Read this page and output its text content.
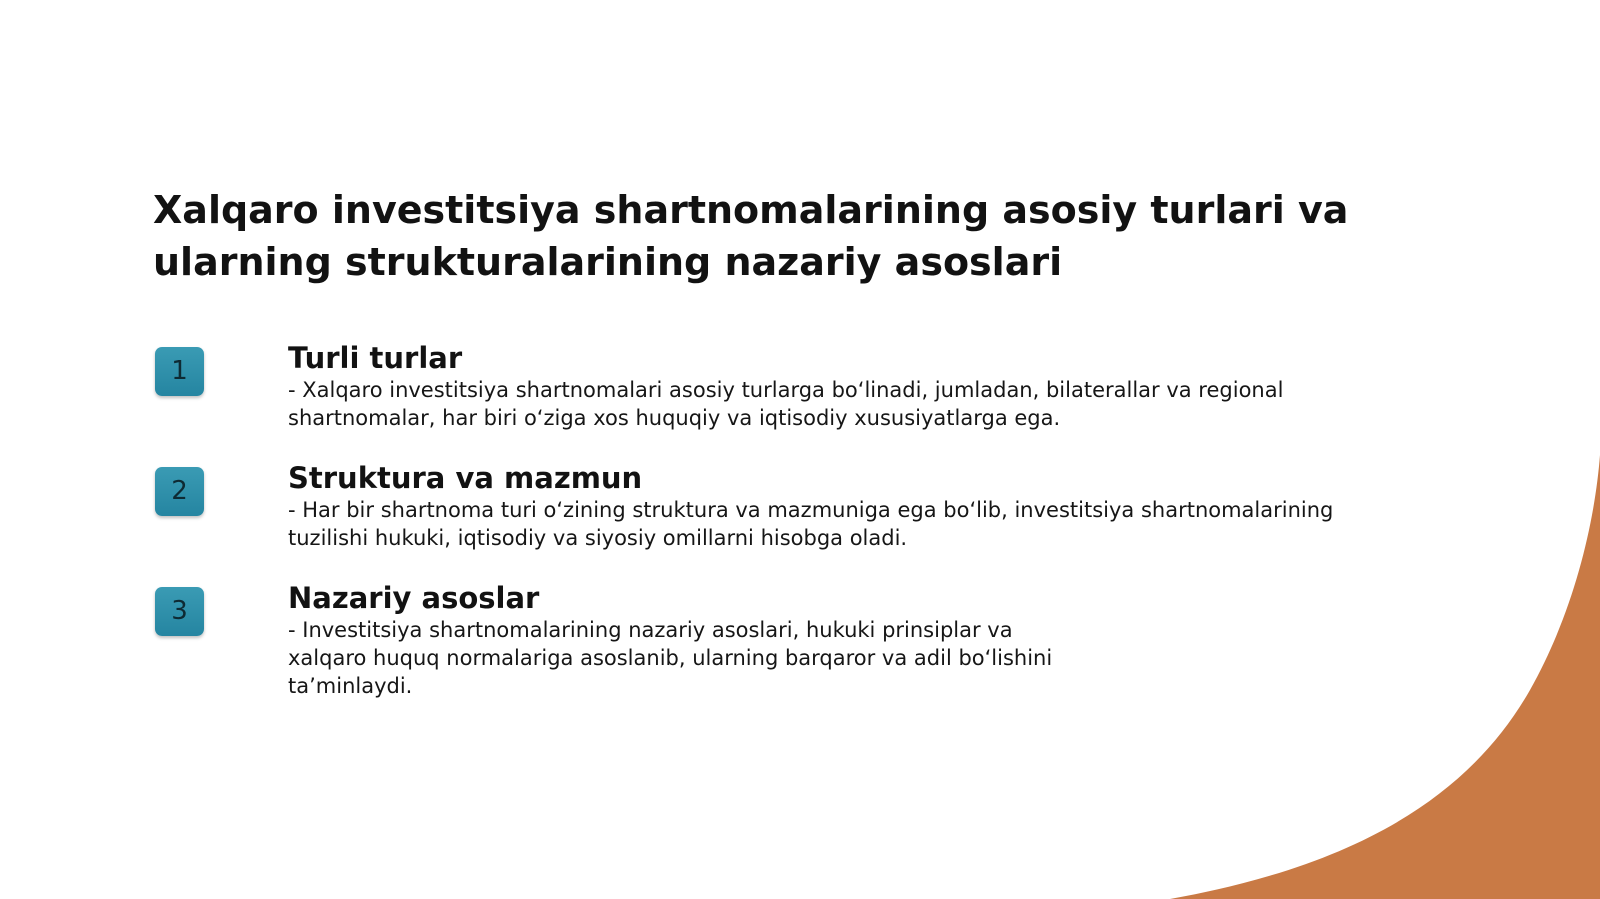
Xalqaro investitsiya shartnomalarining asosiy turlari va ularning strukturalarining nazariy asoslari
1	Turli turlar

- Xalqaro investitsiya shartnomalari asosiy turlarga bo‘linadi, jumladan, bilaterallar va regional shartnomalar, har biri o‘ziga xos huquqiy va iqtisodiy xususiyatlarga ega.

2	Struktura va mazmun

- Har bir shartnoma turi o‘zining struktura va mazmuniga ega bo‘lib, investitsiya shartnomalarining tuzilishi hukuki, iqtisodiy va siyosiy omillarni hisobga oladi.

3	Nazariy asoslar

- Investitsiya shartnomalarining nazariy asoslari, hukuki prinsiplar va
xalqaro huquq normalariga asoslanib, ularning barqaror va adil bo‘lishini
ta’minlaydi.
